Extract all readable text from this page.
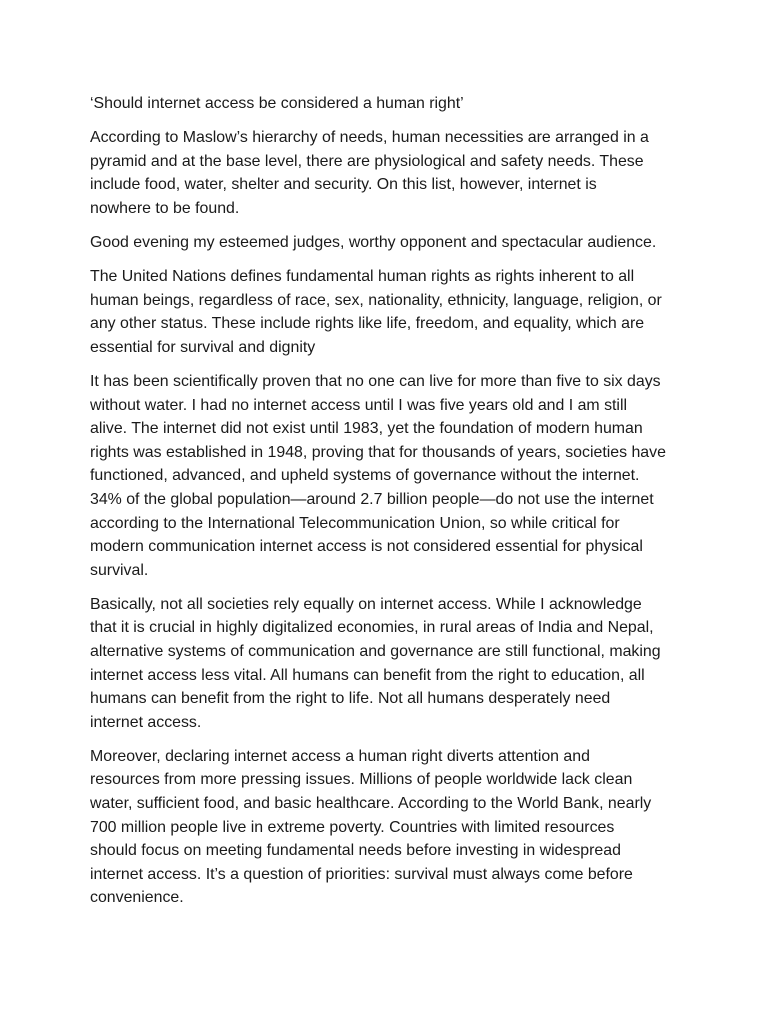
‘Should internet access be considered a human right’

According to Maslow’s hierarchy of needs, human necessities are arranged in a
pyramid and at the base level, there are physiological and safety needs. These
include food, water, shelter and security. On this list, however, internet is
nowhere to be found.

Good evening my esteemed judges, worthy opponent and spectacular audience.

The United Nations defines fundamental human rights as rights inherent to all
human beings, regardless of race, sex, nationality, ethnicity, language, religion, or
any other status. These include rights like life, freedom, and equality, which are
essential for survival and dignity

It has been scientifically proven that no one can live for more than five to six days
without water. I had no internet access until I was five years old and I am still
alive. The internet did not exist until 1983, yet the foundation of modern human
rights was established in 1948, proving that for thousands of years, societies have
functioned, advanced, and upheld systems of governance without the internet.
34% of the global population—around 2.7 billion people—do not use the internet
according to the International Telecommunication Union, so while critical for
modern communication internet access is not considered essential for physical
survival.

Basically, not all societies rely equally on internet access. While I acknowledge
that it is crucial in highly digitalized economies, in rural areas of India and Nepal,
alternative systems of communication and governance are still functional, making
internet access less vital. All humans can benefit from the right to education, all
humans can benefit from the right to life. Not all humans desperately need
internet access.

Moreover, declaring internet access a human right diverts attention and
resources from more pressing issues. Millions of people worldwide lack clean
water, sufficient food, and basic healthcare. According to the World Bank, nearly
700 million people live in extreme poverty. Countries with limited resources
should focus on meeting fundamental needs before investing in widespread
internet access. It’s a question of priorities: survival must always come before
convenience.
